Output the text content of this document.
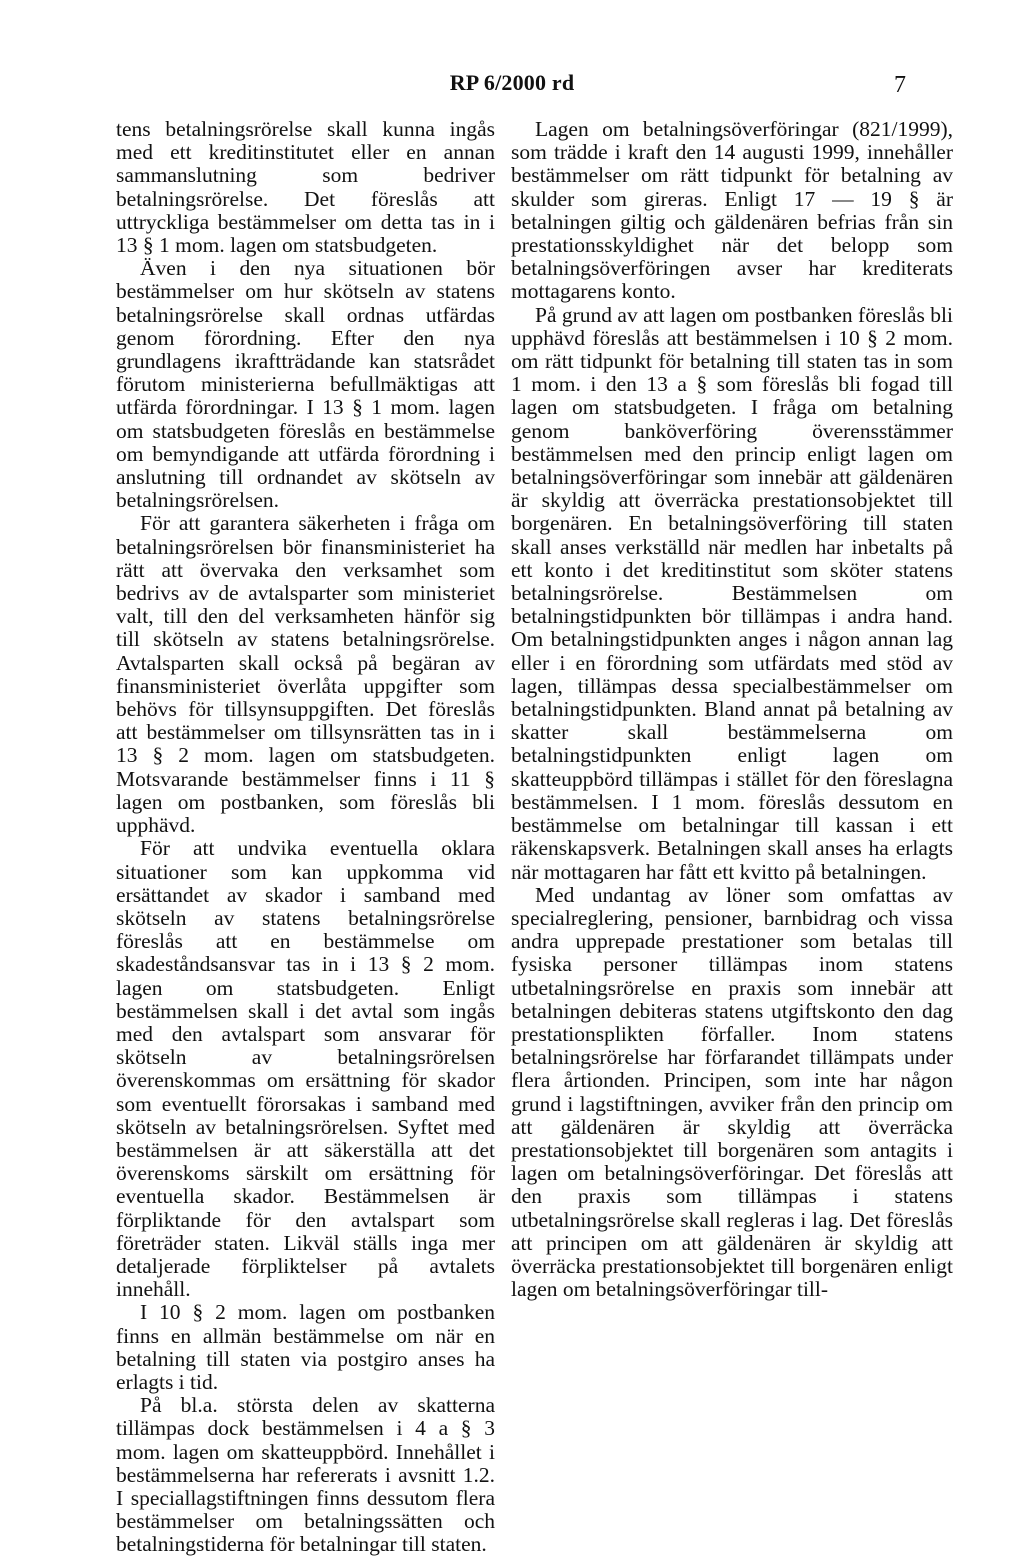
RP 6/2000 rd	7

tens betalningsrörelse skall kunna ingås med ett kreditinstitutet eller en annan sammanslutning som bedriver betalningsrörelse. Det föreslås att uttryckliga bestämmelser om detta tas in i 13 § 1 mom. lagen om statsbudgeten.

Även i den nya situationen bör bestämmelser om hur skötseln av statens betalningsrörelse skall ordnas utfärdas genom förordning. Efter den nya grundlagens ikraftträdande kan statsrådet förutom ministerierna befullmäktigas att utfärda förordningar. I 13 § 1 mom. lagen om statsbudgeten föreslås en bestämmelse om bemyndigande att utfärda förordning i anslutning till ordnandet av skötseln av betalningsrörelsen.

För att garantera säkerheten i fråga om betalningsrörelsen bör finansministeriet ha rätt att övervaka den verksamhet som bedrivs av de avtalsparter som ministeriet valt, till den del verksamheten hänför sig till skötseln av statens betalningsrörelse. Avtalsparten skall också på begäran av finansministeriet överlåta uppgifter som behövs för tillsynsuppgiften. Det föreslås att bestämmelser om tillsynsrätten tas in i 13 § 2 mom. lagen om statsbudgeten. Motsvarande bestämmelser finns i 11 § lagen om postbanken, som föreslås bli upphävd.

För att undvika eventuella oklara situationer som kan uppkomma vid ersättandet av skador i samband med skötseln av statens betalningsrörelse föreslås att en bestämmelse om skadeståndsansvar tas in i 13 § 2 mom. lagen om statsbudgeten. Enligt bestämmelsen skall i det avtal som ingås med den avtalspart som ansvarar för skötseln av betalningsrörelsen överenskommas om ersättning för skador som eventuellt förorsakas i samband med skötseln av betalningsrörelsen. Syftet med bestämmelsen är att säkerställa att det överenskoms särskilt om ersättning för eventuella skador. Bestämmelsen är förpliktande för den avtalspart som företräder staten. Likväl ställs inga mer detaljerade förpliktelser på avtalets innehåll.

I 10 § 2 mom. lagen om postbanken finns en allmän bestämmelse om när en betalning till staten via postgiro anses ha erlagts i tid.

På bl.a. största delen av skatterna tillämpas dock bestämmelsen i 4 a § 3 mom. lagen om skatteuppbörd. Innehållet i bestämmelserna har refererats i avsnitt 1.2. I speciallagstiftningen finns dessutom flera bestämmelser om betalningssätten och betalningstiderna för betalningar till staten.

Lagen om betalningsöverföringar (821/1999), som trädde i kraft den 14 augusti 1999, innehåller bestämmelser om rätt tidpunkt för betalning av skulder som gireras. Enligt 17 — 19 § är betalningen giltig och gäldenären befrias från sin prestationsskyldighet när det belopp som betalningsöverföringen avser har krediterats mottagarens konto.

På grund av att lagen om postbanken föreslås bli upphävd föreslås att bestämmelsen i 10 § 2 mom. om rätt tidpunkt för betalning till staten tas in som 1 mom. i den 13 a § som föreslås bli fogad till lagen om statsbudgeten. I fråga om betalning genom banköverföring överensstämmer bestämmelsen med den princip enligt lagen om betalningsöverföringar som innebär att gäldenären är skyldig att överräcka prestationsobjektet till borgenären. En betalningsöverföring till staten skall anses verkställd när medlen har inbetalts på ett konto i det kreditinstitut som sköter statens betalningsrörelse. Bestämmelsen om betalningstidpunkten bör tillämpas i andra hand. Om betalningstidpunkten anges i någon annan lag eller i en förordning som utfärdats med stöd av lagen, tillämpas dessa specialbestämmelser om betalningstidpunkten. Bland annat på betalning av skatter skall bestämmelserna om betalningstidpunkten enligt lagen om skatteuppbörd tillämpas i stället för den föreslagna bestämmelsen. I 1 mom. föreslås dessutom en bestämmelse om betalningar till kassan i ett räkenskapsverk. Betalningen skall anses ha erlagts när mottagaren har fått ett kvitto på betalningen.

Med undantag av löner som omfattas av specialreglering, pensioner, barnbidrag och vissa andra upprepade prestationer som betalas till fysiska personer tillämpas inom statens utbetalningsrörelse en praxis som innebär att betalningen debiteras statens utgiftskonto den dag prestationsplikten förfaller. Inom statens betalningsrörelse har förfarandet tillämpats under flera årtionden. Principen, som inte har någon grund i lagstiftningen, avviker från den princip om att gäldenären är skyldig att överräcka prestationsobjektet till borgenären som antagits i lagen om betalningsöverföringar. Det föreslås att den praxis som tillämpas i statens utbetalningsrörelse skall regleras i lag. Det föreslås att principen om att gäldenären är skyldig att överräcka prestationsobjektet till borgenären enligt lagen om betalningsöverföringar till-
